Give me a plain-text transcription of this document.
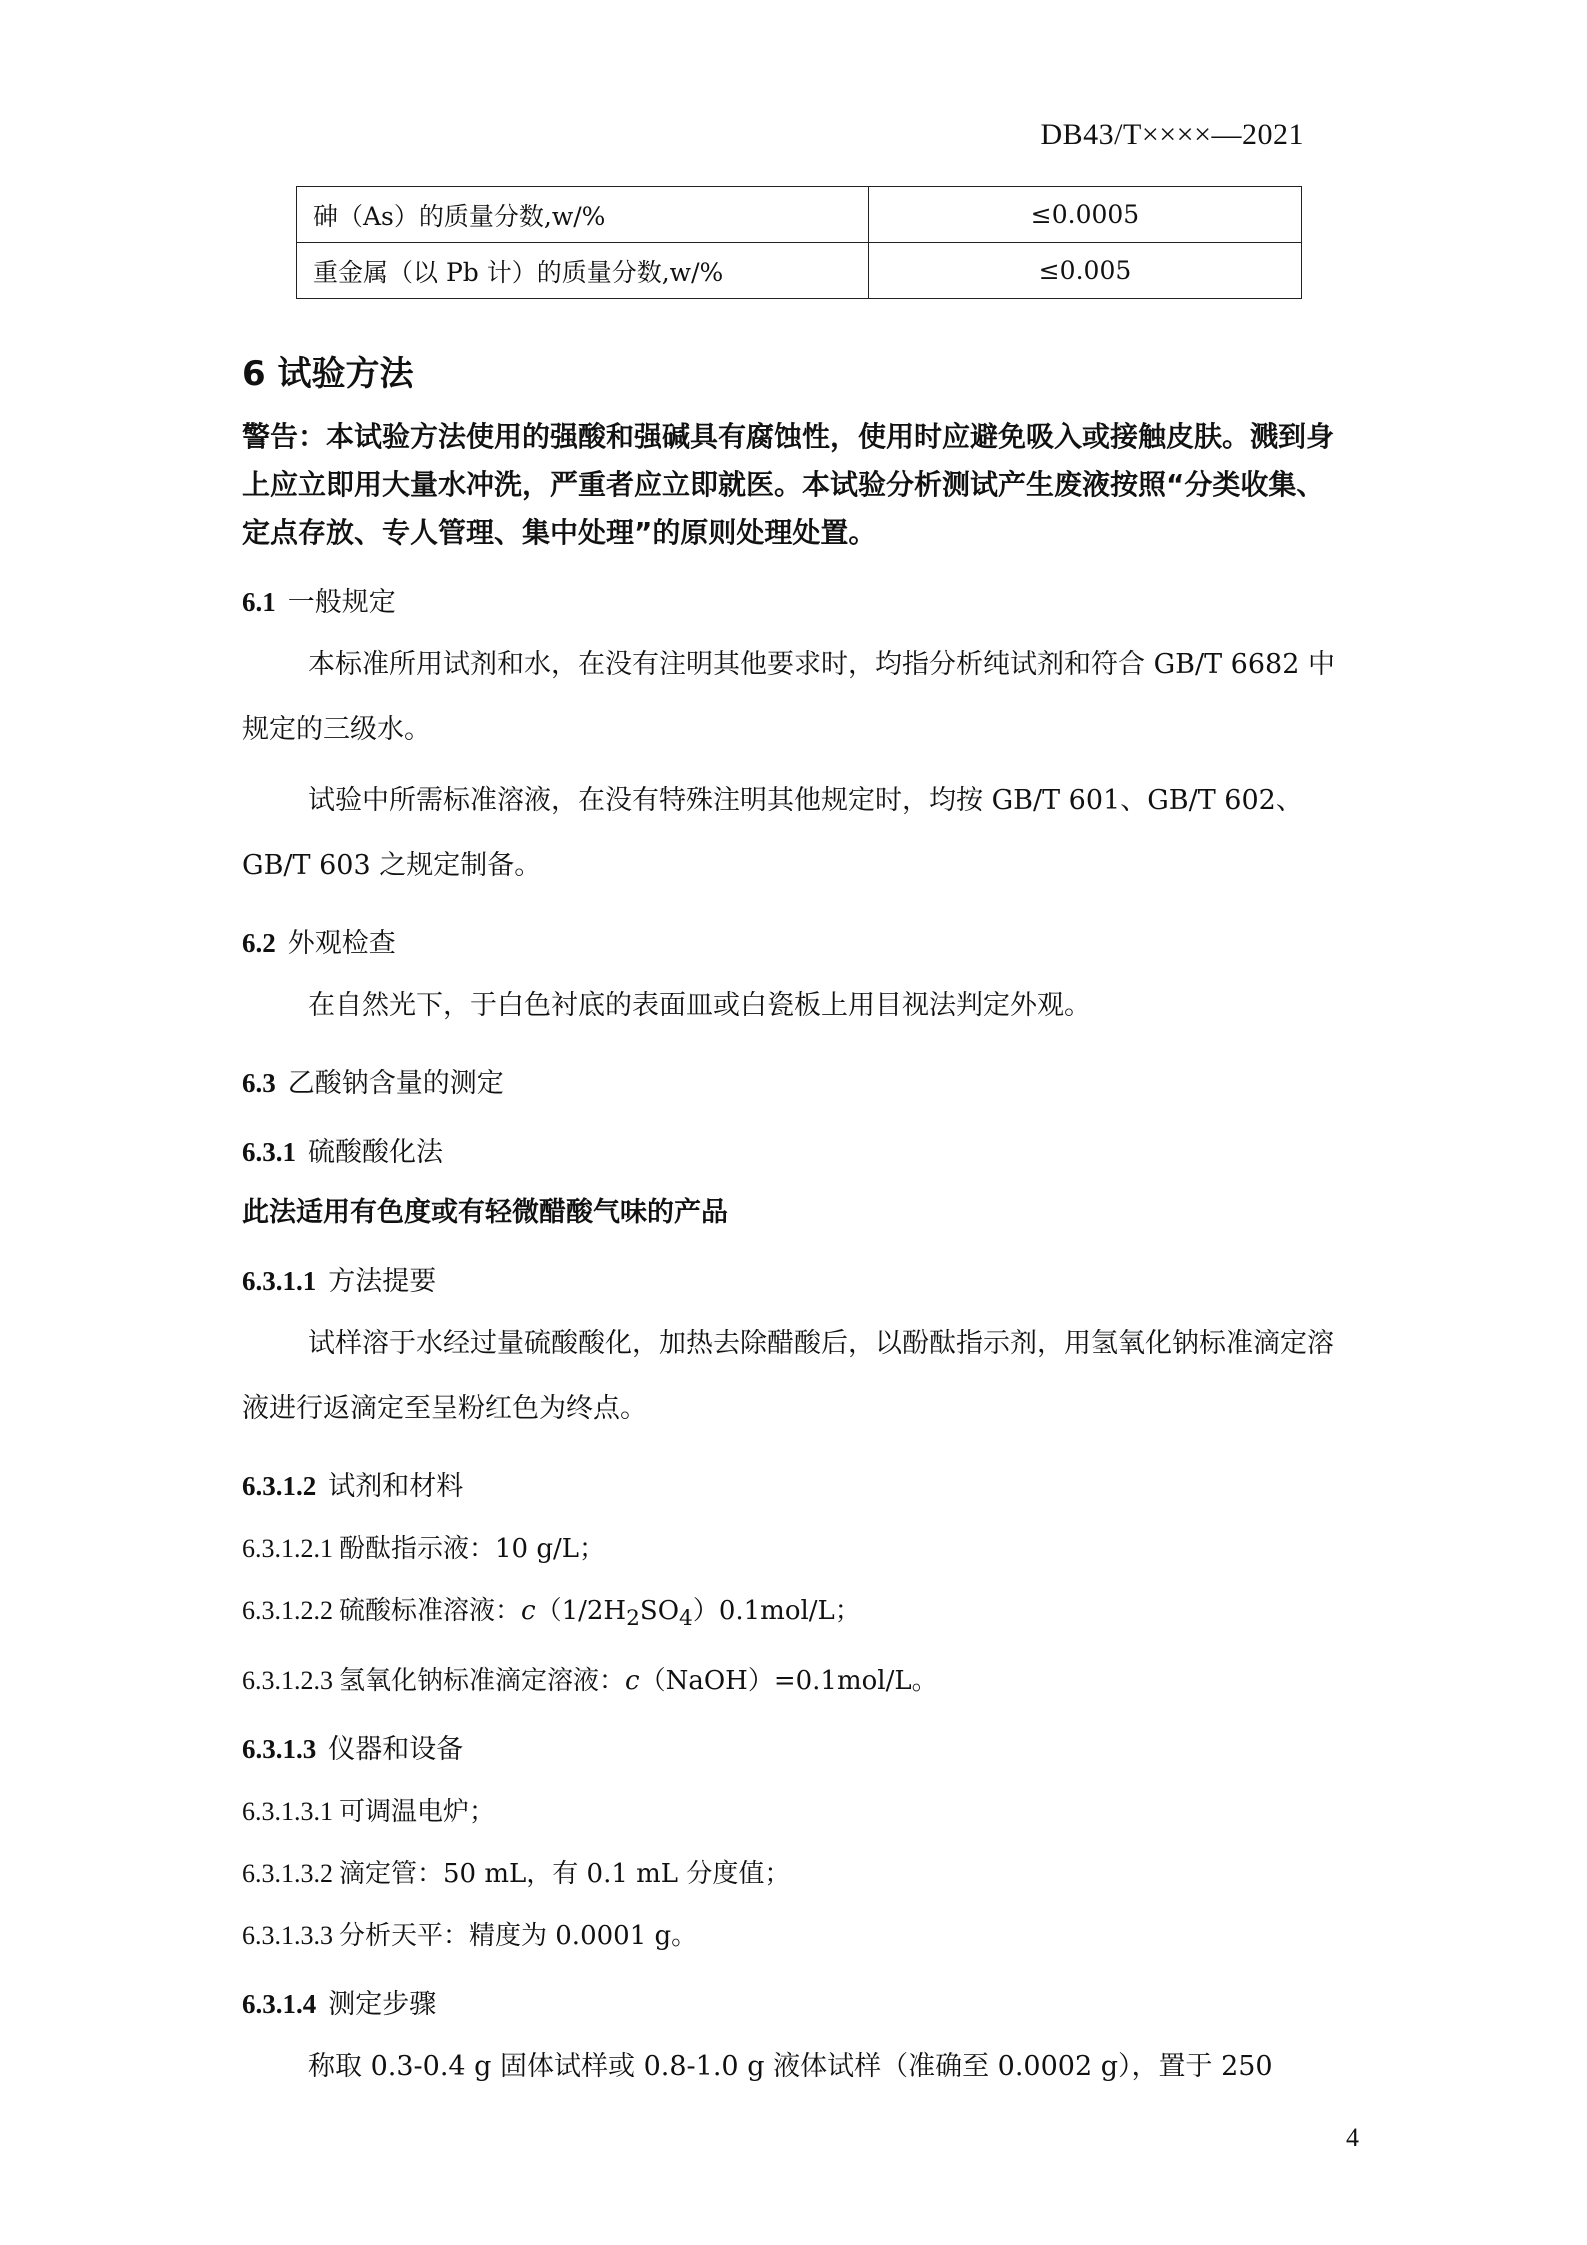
DB43/T××××—2021
砷（As）的质量分数,w/%	≤0.0005
重金属（以 Pb 计）的质量分数,w/%	≤0.005
6 试验方法
警告：本试验方法使用的强酸和强碱具有腐蚀性，使用时应避免吸入或接触皮肤。溅到身上应立即用大量水冲洗，严重者应立即就医。本试验分析测试产生废液按照“分类收集、定点存放、专人管理、集中处理”的原则处理处置。
6.1 一般规定

本标准所用试剂和水，在没有注明其他要求时，均指分析纯试剂和符合 GB/T 6682 中规定的三级水。

试验中所需标准溶液，在没有特殊注明其他规定时，均按 GB/T 601、GB/T 602、GB/T 603 之规定制备。

6.2 外观检查

在自然光下，于白色衬底的表面皿或白瓷板上用目视法判定外观。

6.3 乙酸钠含量的测定
6.3.1 硫酸酸化法
此法适用有色度或有轻微醋酸气味的产品
6.3.1.1 方法提要

试样溶于水经过量硫酸酸化，加热去除醋酸后，以酚酞指示剂，用氢氧化钠标准滴定溶液进行返滴定至呈粉红色为终点。

6.3.1.2 试剂和材料
6.3.1.2.1 酚酞指示液：10 g/L；
6.3.1.2.2 硫酸标准溶液：$c(1/2H_2SO_4)0.1mol/L$；
6.3.1.2.3 氢氧化钠标准滴定溶液：c（NaOH）=0.1mol/L。
6.3.1.3 仪器和设备
6.3.1.3.1 可调温电炉；
6.3.1.3.2 滴定管：50 mL，有 0.1 mL 分度值；
6.3.1.3.3 分析天平：精度为 0.0001 g。
6.3.1.4 测定步骤

称取 0.3-0.4 g 固体试样或 0.8-1.0 g 液体试样（准确至 0.0002 g），置于 250

4
